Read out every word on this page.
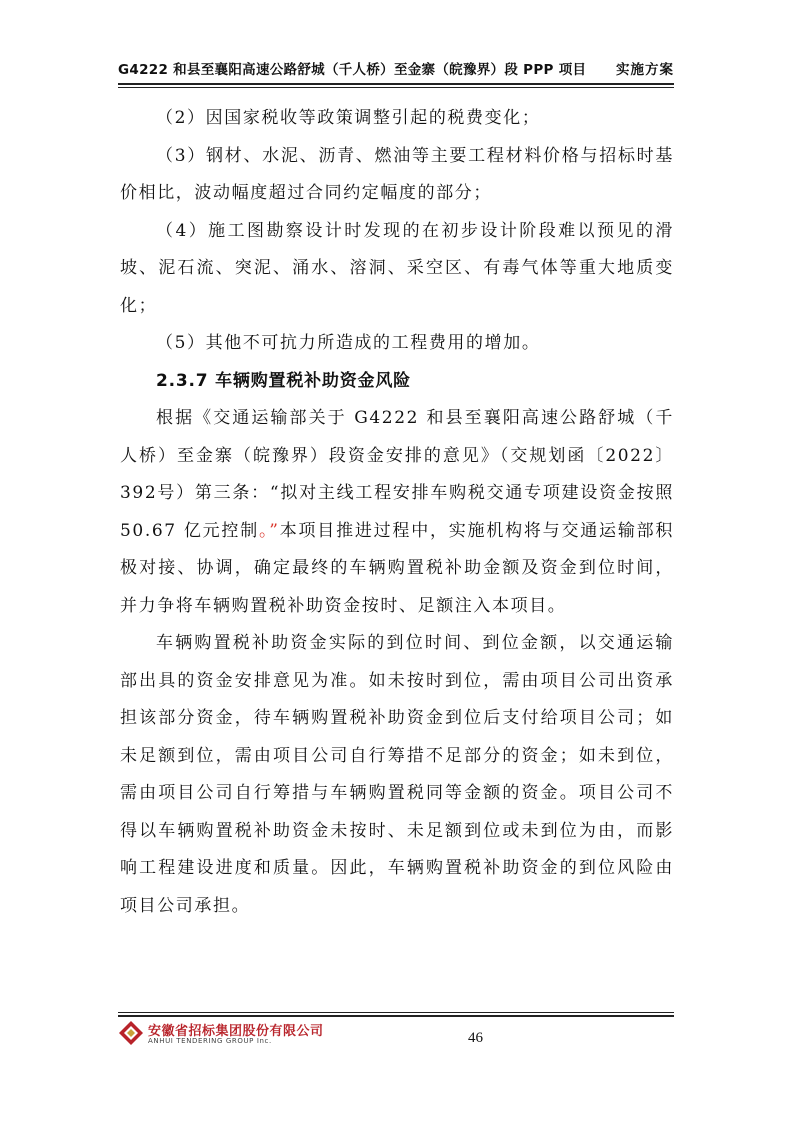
G4222 和县至襄阳高速公路舒城（千人桥）至金寨（皖豫界）段 PPP 项目 实施方案

（2）因国家税收等政策调整引起的税费变化；

（3）钢材、水泥、沥青、燃油等主要工程材料价格与招标时基价相比，波动幅度超过合同约定幅度的部分；

（4）施工图勘察设计时发现的在初步设计阶段难以预见的滑坡、泥石流、突泥、涌水、溶洞、采空区、有毒气体等重大地质变化；

（5）其他不可抗力所造成的工程费用的增加。

2.3.7 车辆购置税补助资金风险

根据《交通运输部关于 G4222 和县至襄阳高速公路舒城（千人桥）至金寨（皖豫界）段资金安排的意见》（交规划函〔2022〕392号）第三条：“拟对主线工程安排车购税交通专项建设资金按照 50.67 亿元控制。”本项目推进过程中，实施机构将与交通运输部积极对接、协调，确定最终的车辆购置税补助金额及资金到位时间，并力争将车辆购置税补助资金按时、足额注入本项目。

车辆购置税补助资金实际的到位时间、到位金额，以交通运输部出具的资金安排意见为准。如未按时到位，需由项目公司出资承担该部分资金，待车辆购置税补助资金到位后支付给项目公司；如未足额到位，需由项目公司自行筹措不足部分的资金；如未到位，需由项目公司自行筹措与车辆购置税同等金额的资金。项目公司不得以车辆购置税补助资金未按时、未足额到位或未到位为由，而影响工程建设进度和质量。因此，车辆购置税补助资金的到位风险由项目公司承担。

安徽省招标集团股份有限公司
ANHUI TENDERING GROUP Inc.	46
